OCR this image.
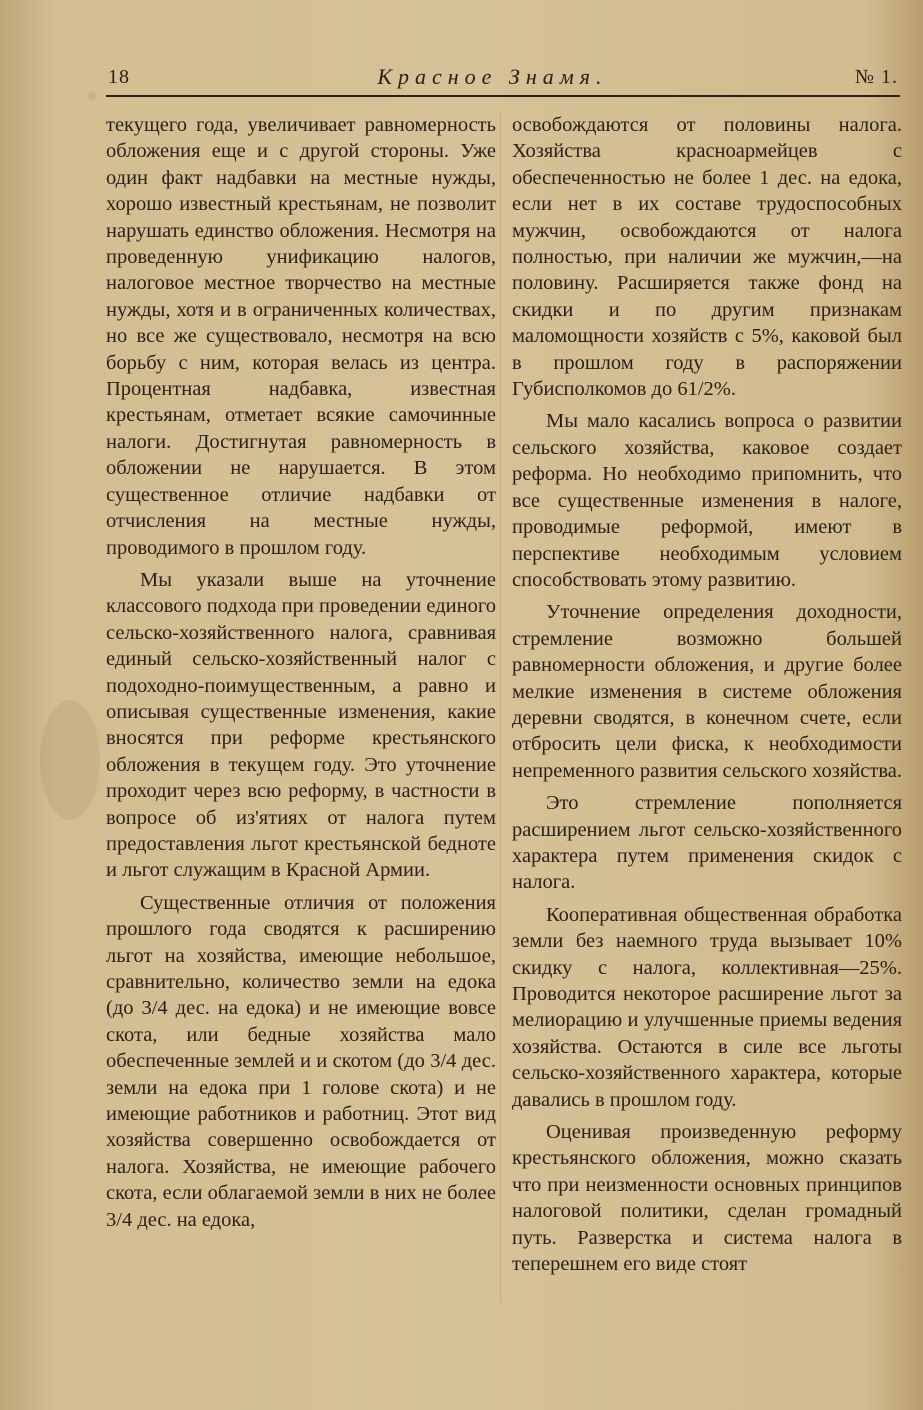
18	Красное Знамя.	№ 1.

текущего года, увеличивает равномерность обложения еще и с другой стороны. Уже один факт надбавки на местные нужды, хорошо известный крестьянам, не позволит нарушать единство обложения. Несмотря на проведенную унификацию налогов, налоговое местное творчество на местные нужды, хотя и в ограниченных количествах, но все же существовало, несмотря на всю борьбу с ним, которая велась из центра. Процентная надбавка, известная крестьянам, отметает всякие самочинные налоги. Достигнутая равномерность в обложении не нарушается. В этом существенное отличие надбавки от отчисления на местные нужды, проводимого в прошлом году.

Мы указали выше на уточнение классового подхода при проведении единого сельско-хозяйственного налога, сравнивая единый сельско-хозяйственный налог с подоходно-поимущественным, а равно и описывая существенные изменения, какие вносятся при реформе крестьянского обложения в текущем году. Это уточнение проходит через всю реформу, в частности в вопросе об из'ятиях от налога путем предоставления льгот крестьянской бедноте и льгот служащим в Красной Армии.

Существенные отличия от положения прошлого года сводятся к расширению льгот на хозяйства, имеющие небольшое, сравнительно, количество земли на едока (до 3/4 дес. на едока) и не имеющие вовсе скота, или бедные хозяйства мало обеспеченные землей и и скотом (до 3/4 дес. земли на едока при 1 голове скота) и не имеющие работников и работниц. Этот вид хозяйства совершенно освобождается от налога. Хозяйства, не имеющие рабочего скота, если облагаемой земли в них не более 3/4 дес. на едока,

освобождаются от половины налога. Хозяйства красноармейцев с обеспеченностью не более 1 дес. на едока, если нет в их составе трудоспособных мужчин, освобождаются от налога полностью, при наличии же мужчин,—на половину. Расширяется также фонд на скидки и по другим признакам маломощности хозяйств с 5%, каковой был в прошлом году в распоряжении Губисполкомов до 61/2%.

Мы мало касались вопроса о развитии сельского хозяйства, каковое создает реформа. Но необходимо припомнить, что все существенные изменения в налоге, проводимые реформой, имеют в перспективе необходимым условием способствовать этому развитию.

Уточнение определения доходности, стремление возможно большей равномерности обложения, и другие более мелкие изменения в системе обложения деревни сводятся, в конечном счете, если отбросить цели фиска, к необходимости непременного развития сельского хозяйства.

Это стремление пополняется расширением льгот сельско-хозяйственного характера путем применения скидок с налога.

Кооперативная общественная обработка земли без наемного труда вызывает 10% скидку с налога, коллективная—25%. Проводится некоторое расширение льгот за мелиорацию и улучшенные приемы ведения хозяйства. Остаются в силе все льготы сельско-хозяйственного характера, которые давались в прошлом году.

Оценивая произведенную реформу крестьянского обложения, можно сказать что при неизменности основных принципов налоговой политики, сделан громадный путь. Разверстка и система налога в теперешнем его виде стоят
